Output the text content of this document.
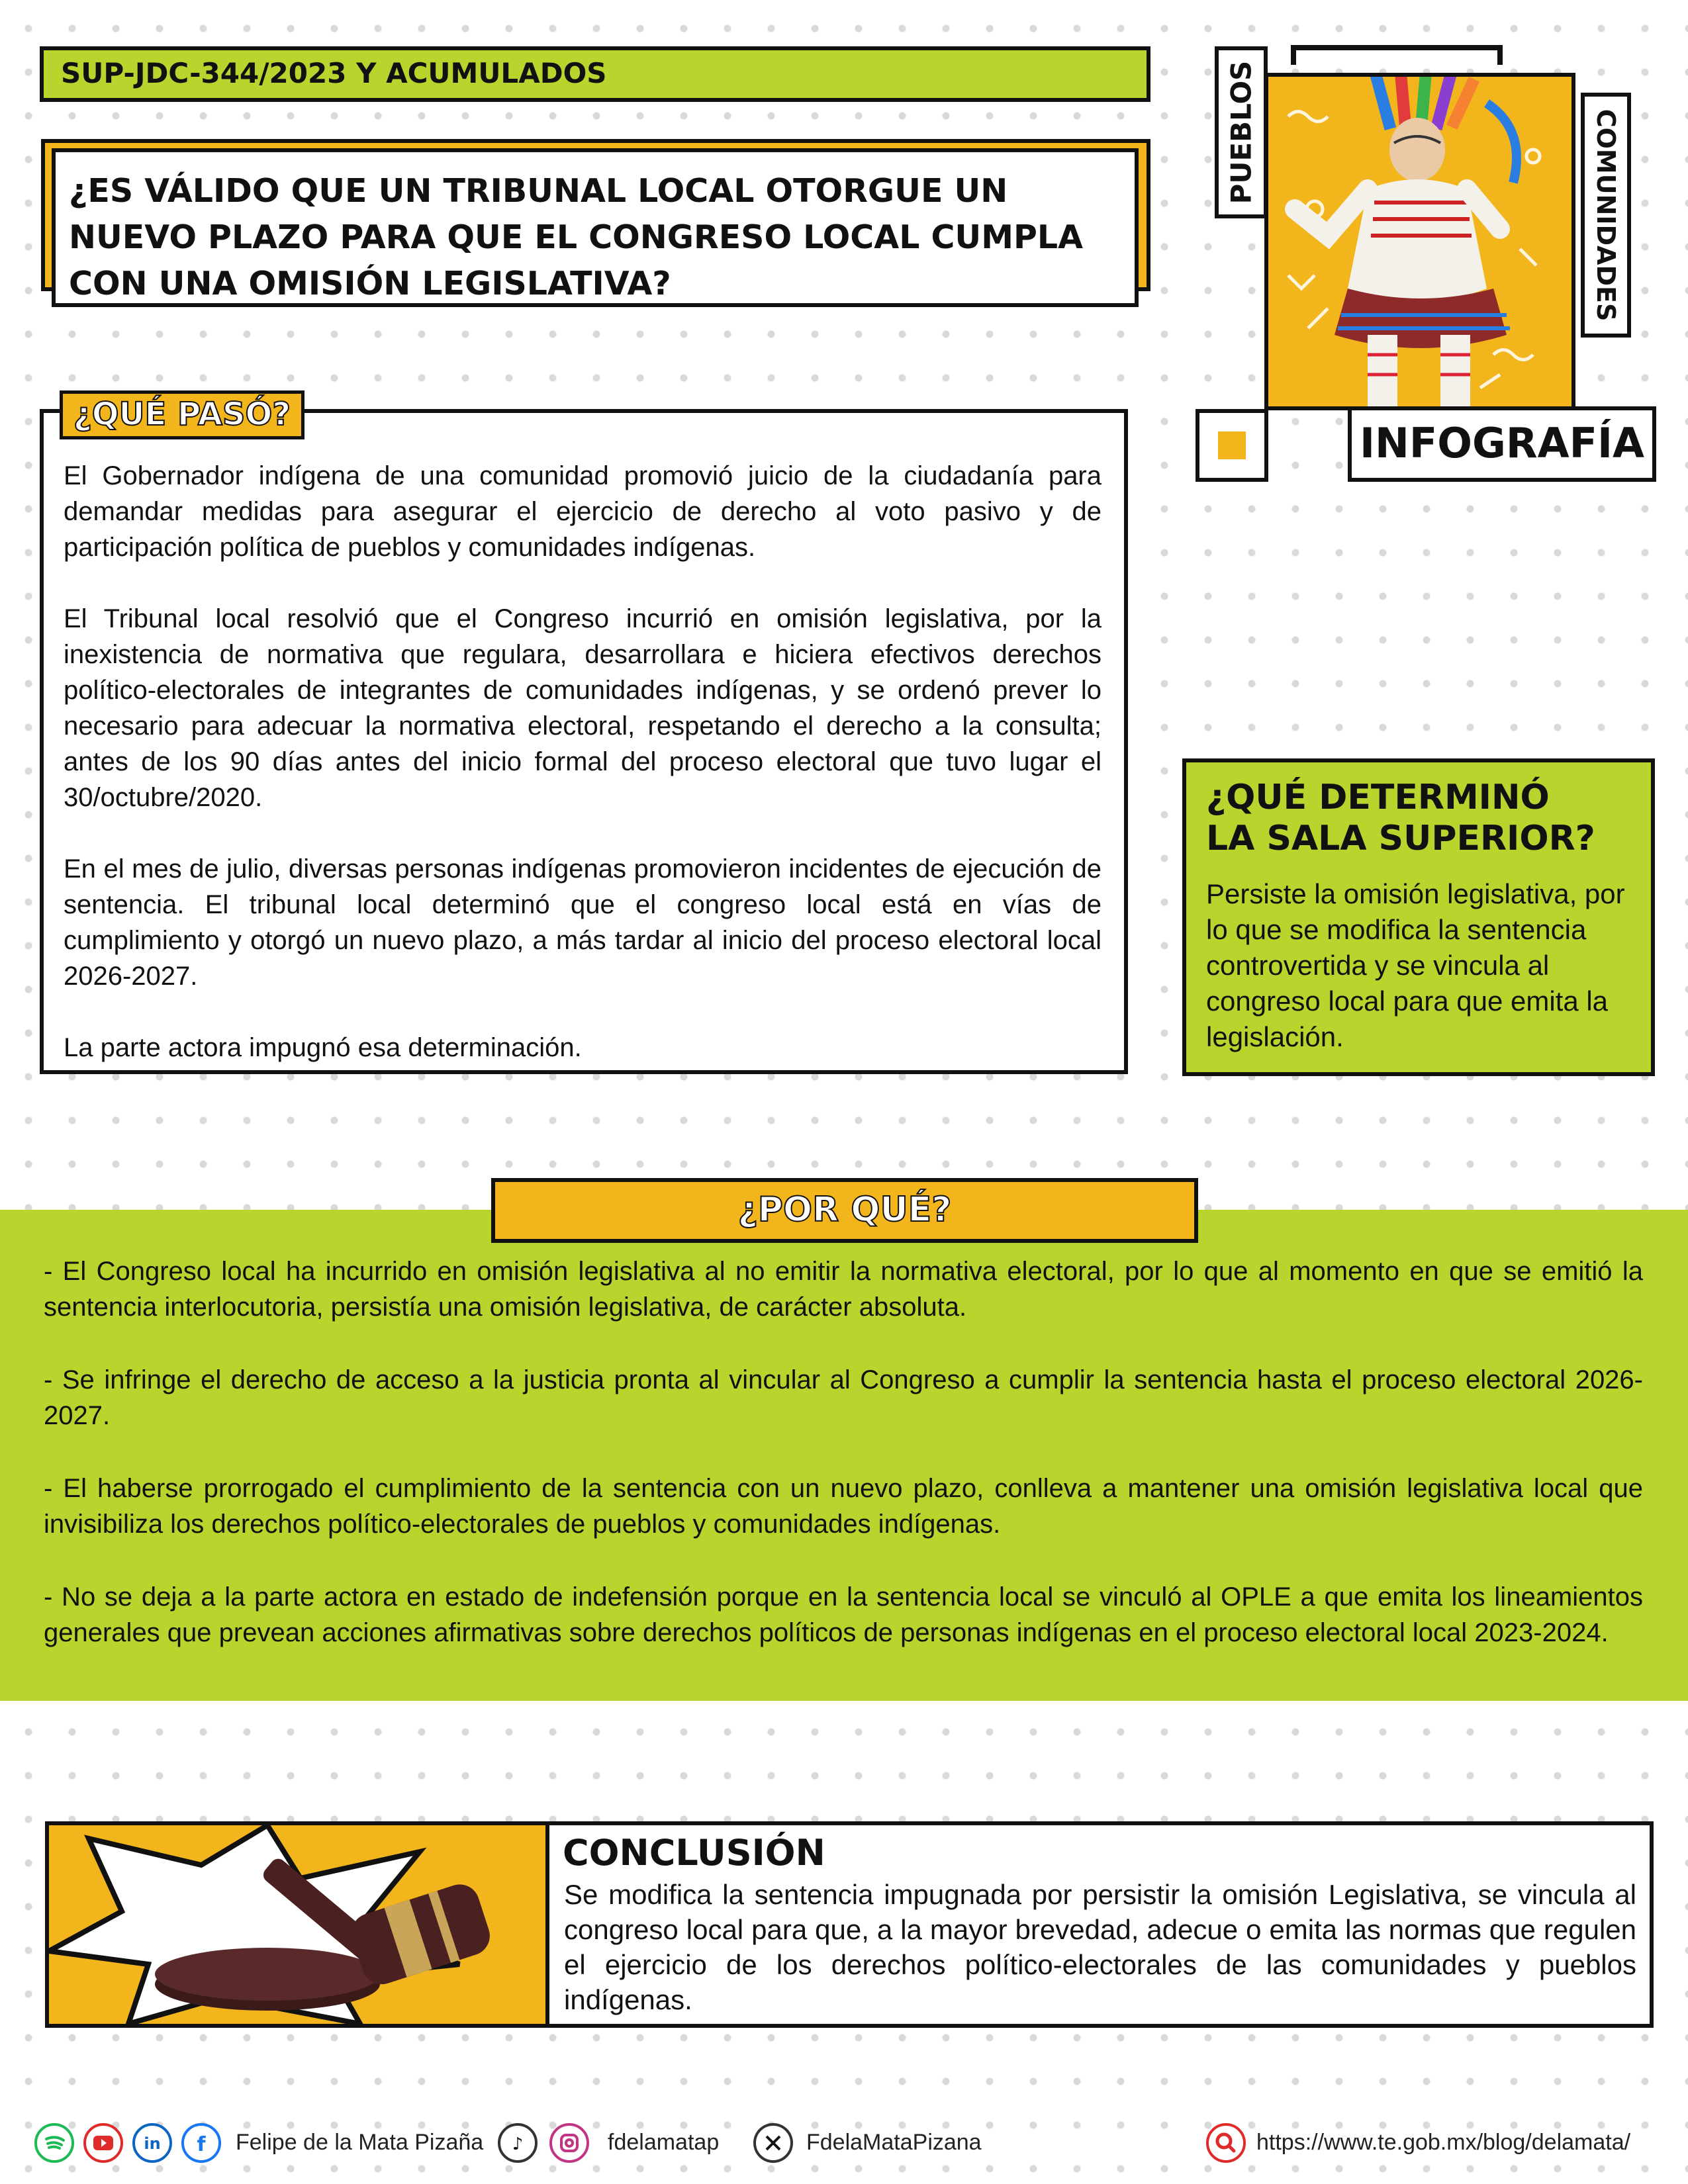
SUP-JDC-344/2023 Y ACUMULADOS
¿ES VÁLIDO QUE UN TRIBUNAL LOCAL OTORGUE UN NUEVO PLAZO PARA QUE EL CONGRESO LOCAL CUMPLA CON UNA OMISIÓN LEGISLATIVA?
PUEBLOS	COMUNIDADES
INFOGRAFÍA

El Gobernador indígena de una comunidad promovió juicio de la ciudadanía para demandar medidas para asegurar el ejercicio de derecho al voto pasivo y de participación política de pueblos y comunidades indígenas.

El Tribunal local resolvió que el Congreso incurrió en omisión legislativa, por la inexistencia de normativa que regulara, desarrollara e hiciera efectivos derechos político-electorales de integrantes de comunidades indígenas, y se ordenó prever lo necesario para adecuar la normativa electoral, respetando el derecho a la consulta; antes de los 90 días antes del inicio formal del proceso electoral que tuvo lugar el 30/octubre/2020.

En el mes de julio, diversas personas indígenas promovieron incidentes de ejecución de sentencia. El tribunal local determinó que el congreso local está en vías de cumplimiento y otorgó un nuevo plazo, a más tardar al inicio del proceso electoral local 2026-2027.

La parte actora impugnó esa determinación.

¿QUÉ PASÓ?
¿QUÉ DETERMINÓ
LA SALA SUPERIOR?
Persiste la omisión legislativa, por lo que se modifica la sentencia controvertida y se vincula al congreso local para que emita la legislación.

- El Congreso local ha incurrido en omisión legislativa al no emitir la normativa electoral, por lo que al momento en que se emitió la sentencia interlocutoria, persistía una omisión legislativa, de carácter absoluta.

- Se infringe el derecho de acceso a la justicia pronta al vincular al Congreso a cumplir la sentencia hasta el proceso electoral 2026-2027.

- El haberse prorrogado el cumplimiento de la sentencia con un nuevo plazo, conlleva a mantener una omisión legislativa local que invisibiliza los derechos político-electorales de pueblos y comunidades indígenas.

- No se deja a la parte actora en estado de indefensión porque en la sentencia local se vinculó al OPLE a que emita los lineamientos generales que prevean acciones afirmativas sobre derechos políticos de personas indígenas en el proceso electoral local 2023-2024.

¿POR QUÉ?
CONCLUSIÓN
Se modifica la sentencia impugnada por persistir la omisión Legislativa, se vincula al congreso local para que, a la mayor brevedad, adecue o emita las normas que regulen el ejercicio de los derechos político-electorales de las comunidades y pueblos indígenas.
in f Felipe de la Mata Pizaña ♪	fdelamatap	FdelaMataPizana	https://www.te.gob.mx/blog/delamata/
